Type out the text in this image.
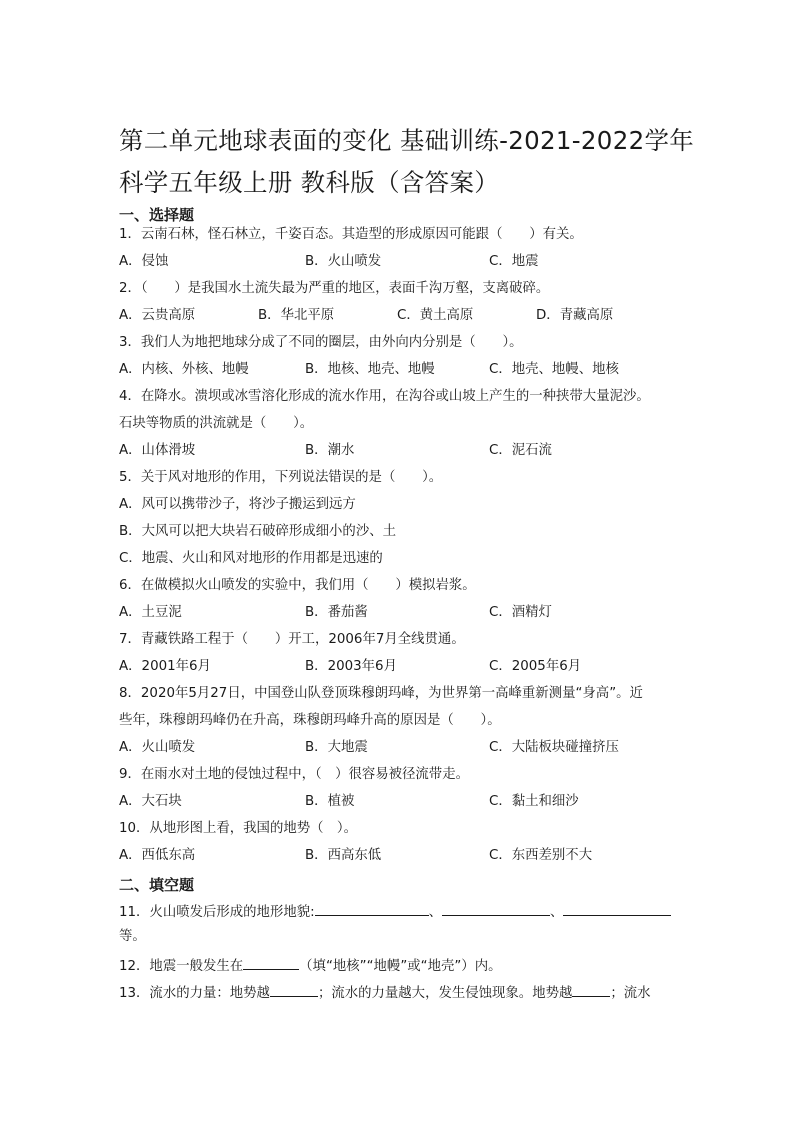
第二单元地球表面的变化 基础训练-2021-2022学年
科学五年级上册 教科版（含答案）
一、选择题
1．云南石林，怪石林立，千姿百态。其造型的形成原因可能跟（　　）有关。
A．侵蚀	B．火山喷发	C．地震
2．（　　）是我国水土流失最为严重的地区，表面千沟万壑，支离破碎。
A．云贵高原	B．华北平原	C．黄土高原	D．青藏高原
3．我们人为地把地球分成了不同的圈层，由外向内分别是（　　）。
A．内核、外核、地幔	B．地核、地壳、地幔	C．地壳、地幔、地核
4．在降水。溃坝或冰雪溶化形成的流水作用，在沟谷或山坡上产生的一种挟带大量泥沙。
石块等物质的洪流就是（　　）。
A．山体滑坡	B．潮水	C．泥石流
5．关于风对地形的作用，下列说法错误的是（　　）。
A．风可以携带沙子，将沙子搬运到远方
B．大风可以把大块岩石破碎形成细小的沙、土
C．地震、火山和风对地形的作用都是迅速的
6．在做模拟火山喷发的实验中，我们用（　　）模拟岩浆。
A．土豆泥	B．番茄酱	C．酒精灯
7．青藏铁路工程于（　　）开工，2006年7月全线贯通。
A．2001年6月	B．2003年6月	C．2005年6月
8．2020年5月27日，中国登山队登顶珠穆朗玛峰，为世界第一高峰重新测量“身高”。近
些年，珠穆朗玛峰仍在升高，珠穆朗玛峰升高的原因是（　　）。
A．火山喷发	B．大地震	C．大陆板块碰撞挤压
9．在雨水对土地的侵蚀过程中，（　）很容易被径流带走。
A．大石块	B．植被	C．黏土和细沙
10．从地形图上看，我国的地势（　）。
A．西低东高	B．西高东低	C．东西差别不大
二、填空题
11．火山喷发后形成的地形地貌:	、	、
等。
12．地震一般发生在	（填“地核”“地幔”或“地壳”）内。
13．流水的力量：地势越	；流水的力量越大，发生侵蚀现象。地势越	；流水
